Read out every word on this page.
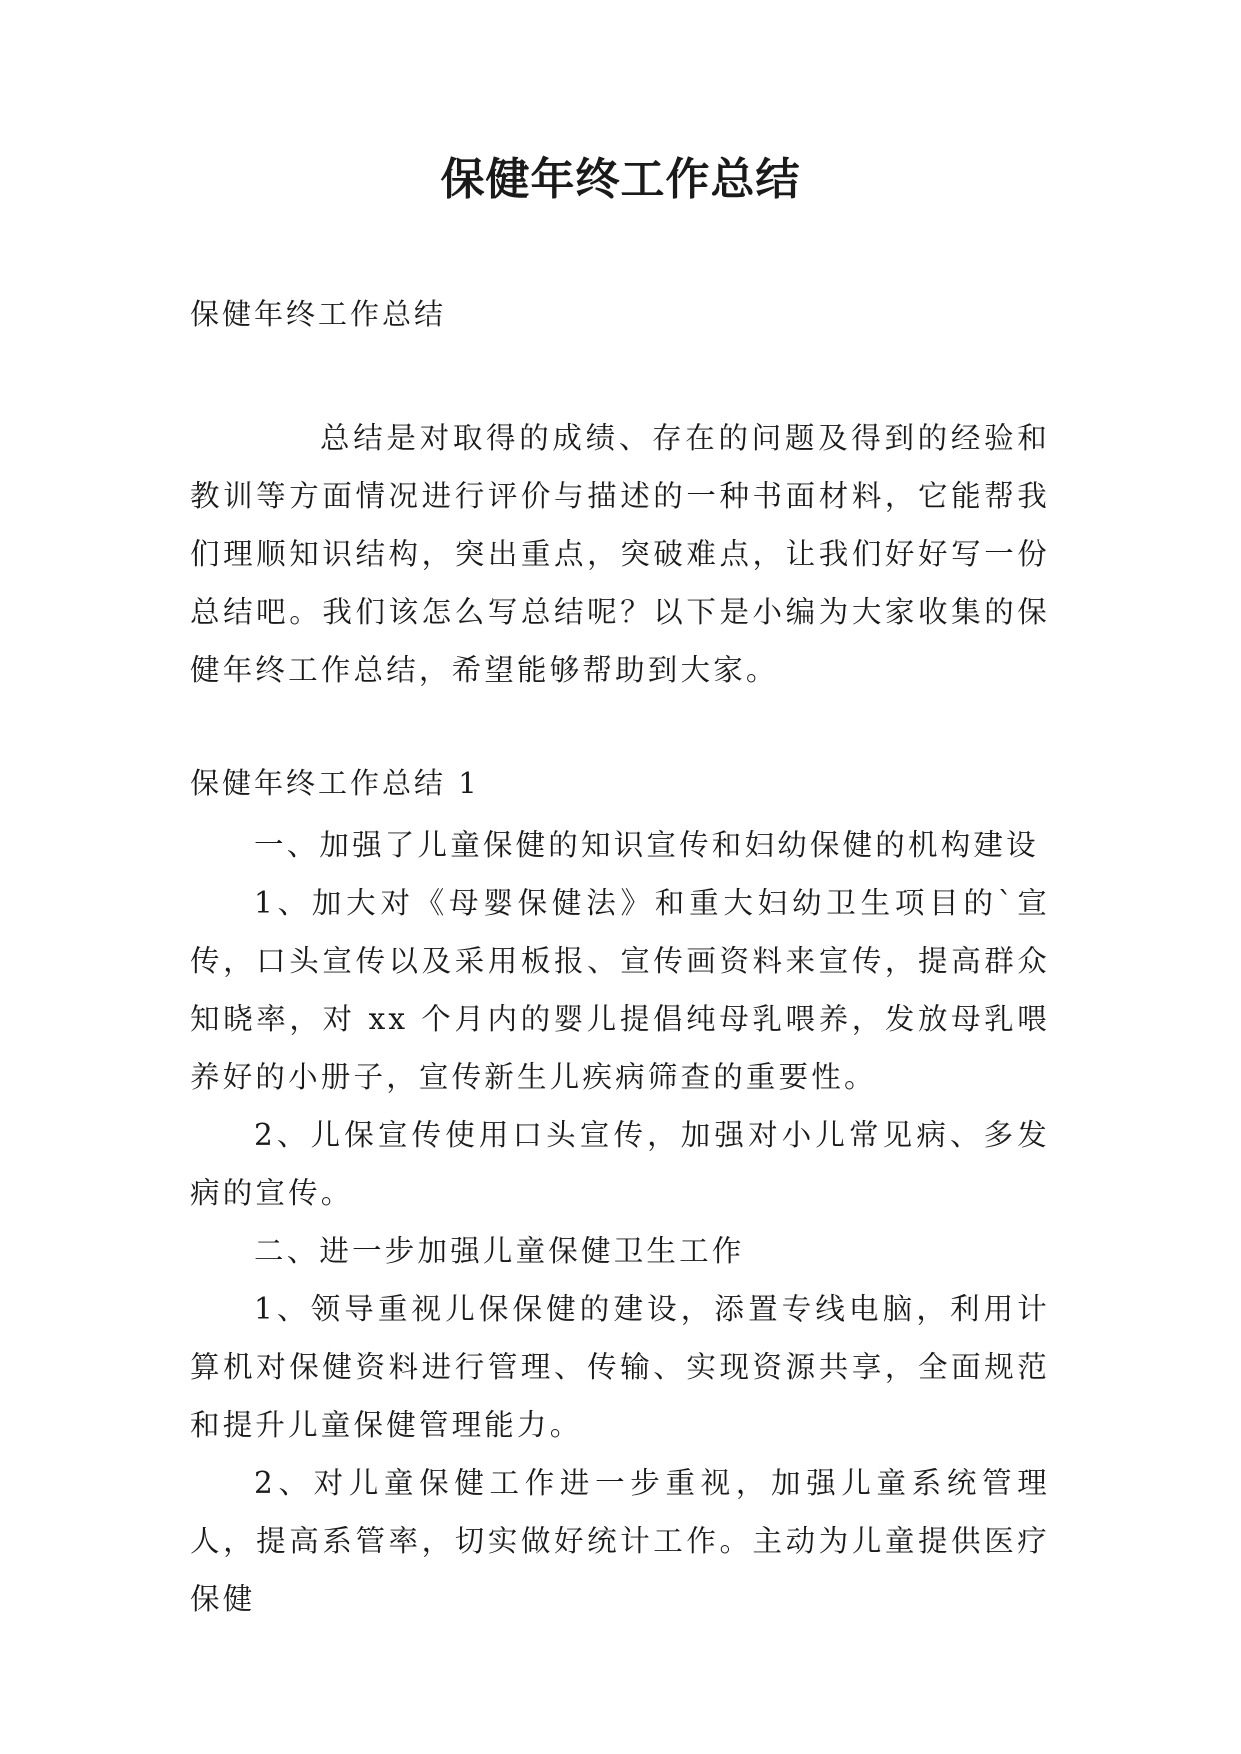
保健年终工作总结
保健年终工作总结
总结是对取得的成绩、存在的问题及得到的经验和教训等方面情况进行评价与描述的一种书面材料，它能帮我们理顺知识结构，突出重点，突破难点，让我们好好写一份总结吧。我们该怎么写总结呢？以下是小编为大家收集的保健年终工作总结，希望能够帮助到大家。
保健年终工作总结 1

一、加强了儿童保健的知识宣传和妇幼保健的机构建设

1、加大对《母婴保健法》和重大妇幼卫生项目的`宣传，口头宣传以及采用板报、宣传画资料来宣传，提高群众知晓率，对 xx 个月内的婴儿提倡纯母乳喂养，发放母乳喂养好的小册子，宣传新生儿疾病筛查的重要性。

2、儿保宣传使用口头宣传，加强对小儿常见病、多发病的宣传。

二、进一步加强儿童保健卫生工作

1、领导重视儿保保健的建设，添置专线电脑，利用计算机对保健资料进行管理、传输、实现资源共享，全面规范和提升儿童保健管理能力。

2、对儿童保健工作进一步重视，加强儿童系统管理人，提高系管率，切实做好统计工作。主动为儿童提供医疗保健
